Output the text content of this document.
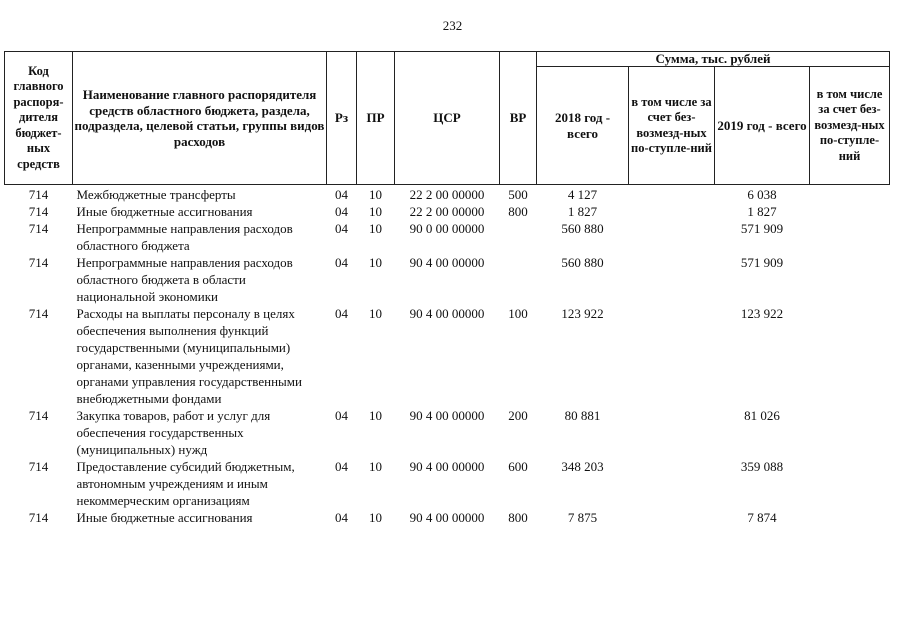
232
Код главного распоря-дителя бюджет-ных средств	Наименование главного распорядителя средств областного бюджета, раздела, подраздела, целевой статьи, группы видов расходов	Рз	ПР	ЦСР	ВР	Сумма, тыс. рублей			
						2018 год - всего	в том числе за счет без-возмезд-ных по-ступле-ний	2019 год - всего	в том числе за счет без-возмезд-ных по-ступле-ний
714	Межбюджетные трансферты	04	10	22 2 00 00000	500	4 127		6 038	
714	Иные бюджетные ассигнования	04	10	22 2 00 00000	800	1 827		1 827	
714	Непрограммные направления расходов областного бюджета	04	10	90 0 00 00000		560 880		571 909	
714	Непрограммные направления расходов областного бюджета в области национальной экономики	04	10	90 4 00 00000		560 880		571 909	
714	Расходы на выплаты персоналу в целях обеспечения выполнения функций государственными (муниципальными) органами, казенными учреждениями, органами управления государственными внебюджетными фондами	04	10	90 4 00 00000	100	123 922		123 922	
714	Закупка товаров, работ и услуг для обеспечения государственных (муниципальных) нужд	04	10	90 4 00 00000	200	80 881		81 026	
714	Предоставление субсидий бюджетным, автономным учреждениям и иным некоммерческим организациям	04	10	90 4 00 00000	600	348 203		359 088	
714	Иные бюджетные ассигнования	04	10	90 4 00 00000	800	7 875		7 874	
